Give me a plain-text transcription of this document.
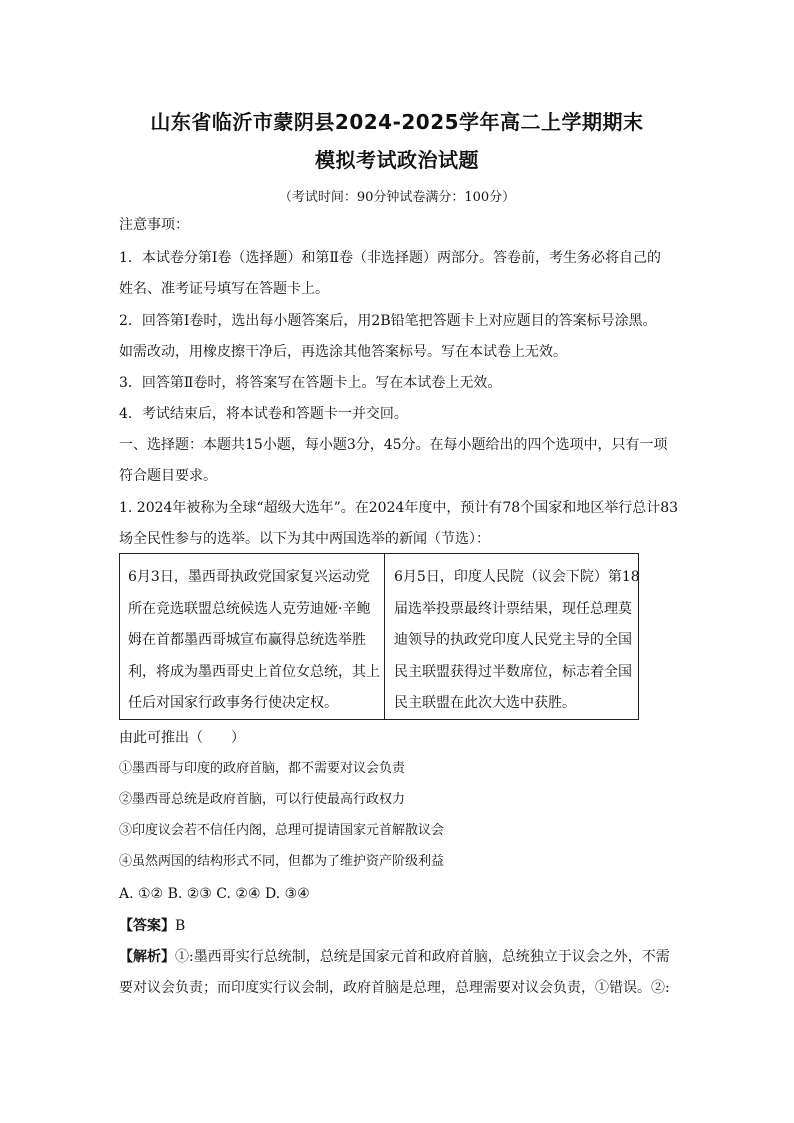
山东省临沂市蒙阴县2024-2025学年高二上学期期末
模拟考试政治试题
（考试时间：90分钟试卷满分：100分）
注意事项：
1．本试卷分第Ⅰ卷（选择题）和第Ⅱ卷（非选择题）两部分。答卷前，考生务必将自己的
姓名、准考证号填写在答题卡上。
2．回答第Ⅰ卷时，选出每小题答案后，用2B铅笔把答题卡上对应题目的答案标号涂黑。
如需改动，用橡皮擦干净后，再选涂其他答案标号。写在本试卷上无效。
3．回答第Ⅱ卷时，将答案写在答题卡上。写在本试卷上无效。
4．考试结束后，将本试卷和答题卡一并交回。
一、选择题：本题共15小题，每小题3分，45分。在每小题给出的四个选项中，只有一项
符合题目要求。
1. 2024年被称为全球“超级大选年”。在2024年度中，预计有78个国家和地区举行总计83
场全民性参与的选举。以下为其中两国选举的新闻（节选）：
6月3日，墨西哥执政党国家复兴运动党
所在竞选联盟总统候选人克劳迪娅·辛鲍
姆在首都墨西哥城宣布赢得总统选举胜
利，将成为墨西哥史上首位女总统，其上
任后对国家行政事务行使决定权。
6月5日，印度人民院（议会下院）第18
届选举投票最终计票结果，现任总理莫
迪领导的执政党印度人民党主导的全国
民主联盟获得过半数席位，标志着全国
民主联盟在此次大选中获胜。
由此可推出（　　）
①墨西哥与印度的政府首脑，都不需要对议会负责
②墨西哥总统是政府首脑，可以行使最高行政权力
③印度议会若不信任内阁，总理可提请国家元首解散议会
④虽然两国的结构形式不同，但都为了维护资产阶级利益
A. ①② B. ②③ C. ②④ D. ③④
【答案】B
【解析】①:墨西哥实行总统制，总统是国家元首和政府首脑，总统独立于议会之外，不需
要对议会负责；而印度实行议会制，政府首脑是总理，总理需要对议会负责，①错误。②:
